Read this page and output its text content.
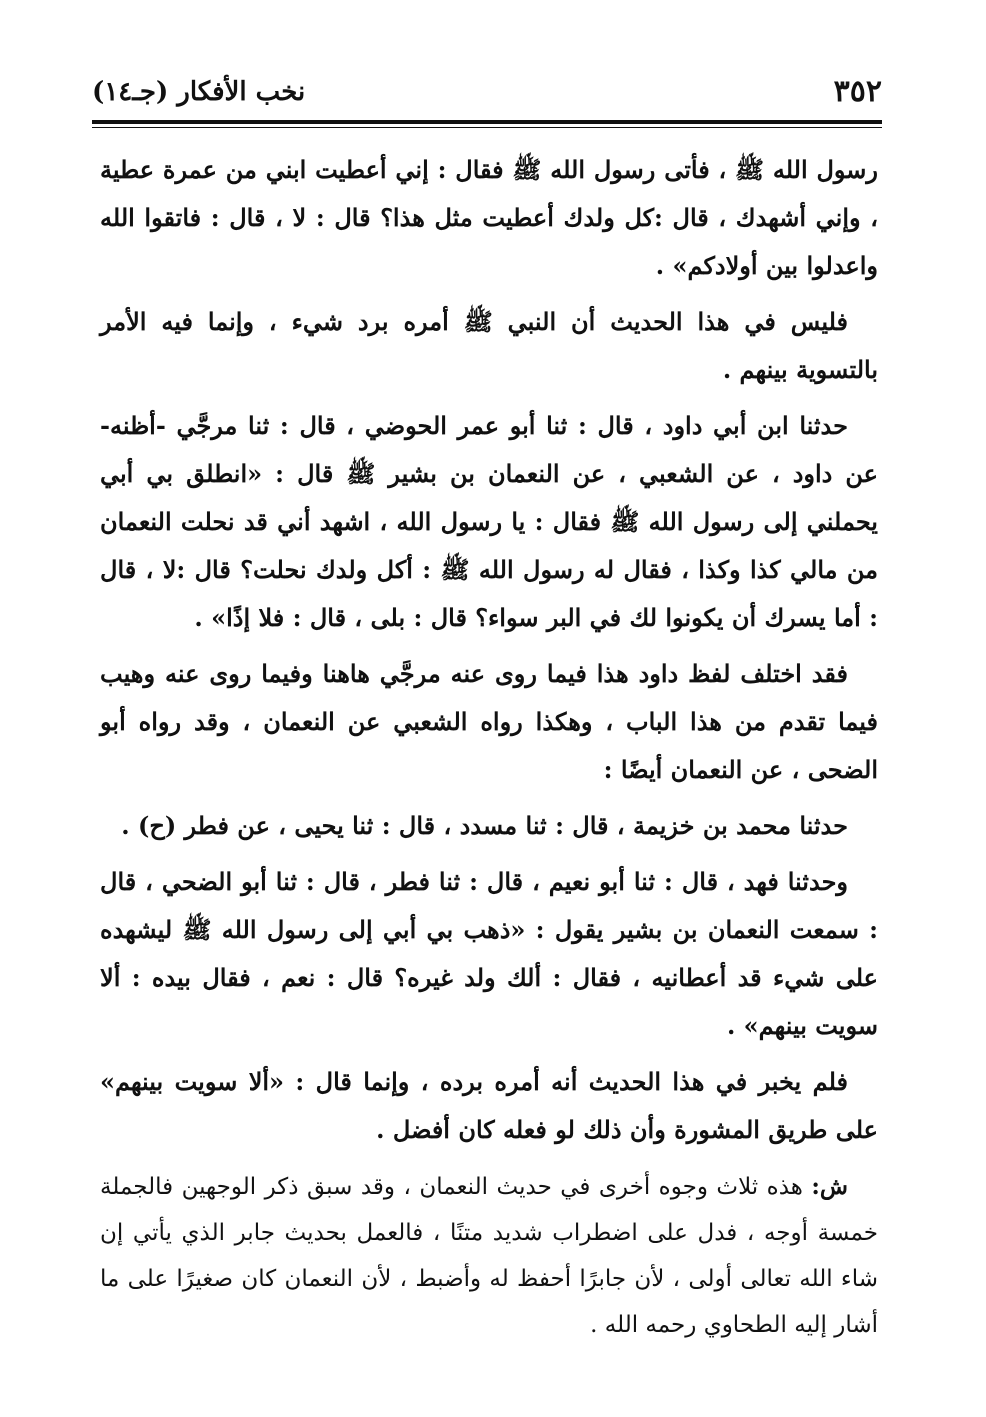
٣٥٢
نخب الأفكار (جـ١٤)

رسول الله ﷺ ، فأتى رسول الله ﷺ فقال : إني أعطيت ابني من عمرة عطية ، وإني أشهدك ، قال :كل ولدك أعطيت مثل هذا؟ قال : لا ، قال : فاتقوا الله واعدلوا بين أولادكم» .

فليس في هذا الحديث أن النبي ﷺ أمره برد شيء ، وإنما فيه الأمر بالتسوية بينهم .

حدثنا ابن أبي داود ، قال : ثنا أبو عمر الحوضي ، قال : ثنا مرجَّي -أظنه- عن داود ، عن الشعبي ، عن النعمان بن بشير ﷺ قال : «انطلق بي أبي يحملني إلى رسول الله ﷺ فقال : يا رسول الله ، اشهد أني قد نحلت النعمان من مالي كذا وكذا ، فقال له رسول الله ﷺ : أكل ولدك نحلت؟ قال :لا ، قال : أما يسرك أن يكونوا لك في البر سواء؟ قال : بلى ، قال : فلا إذًا» .

فقد اختلف لفظ داود هذا فيما روى عنه مرجَّي هاهنا وفيما روى عنه وهيب فيما تقدم من هذا الباب ، وهكذا رواه الشعبي عن النعمان ، وقد رواه أبو الضحى ، عن النعمان أيضًا :

حدثنا محمد بن خزيمة ، قال : ثنا مسدد ، قال : ثنا يحيى ، عن فطر (ح) .

وحدثنا فهد ، قال : ثنا أبو نعيم ، قال : ثنا فطر ، قال : ثنا أبو الضحي ، قال : سمعت النعمان بن بشير يقول : «ذهب بي أبي إلى رسول الله ﷺ ليشهده على شيء قد أعطانيه ، فقال : ألك ولد غيره؟ قال : نعم ، فقال بيده : ألا سويت بينهم» .

فلم يخبر في هذا الحديث أنه أمره برده ، وإنما قال : «ألا سويت بينهم» على طريق المشورة وأن ذلك لو فعله كان أفضل .

ش: هذه ثلاث وجوه أخرى في حديث النعمان ، وقد سبق ذكر الوجهين فالجملة خمسة أوجه ، فدل على اضطراب شديد متنًا ، فالعمل بحديث جابر الذي يأتي إن شاء الله تعالى أولى ، لأن جابرًا أحفظ له وأضبط ، لأن النعمان كان صغيرًا على ما أشار إليه الطحاوي رحمه الله .
